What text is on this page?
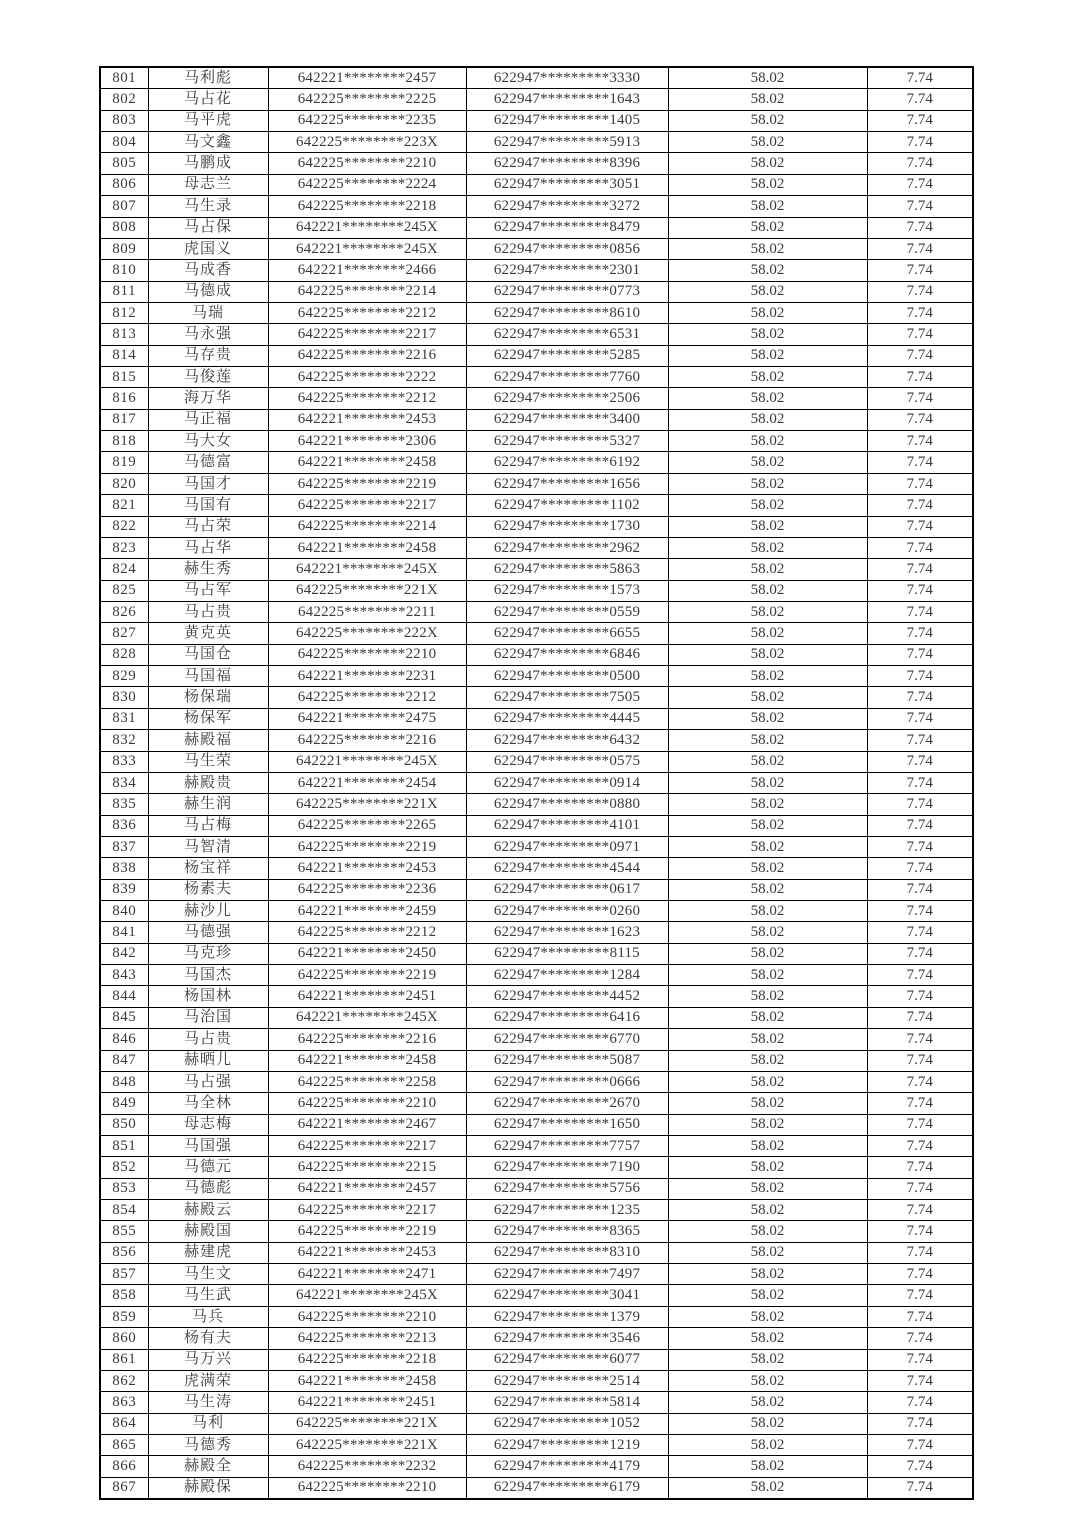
801	马利彪	642221********2457	622947*********3330	58.02	7.74
802	马占花	642225********2225	622947*********1643	58.02	7.74
803	马平虎	642225********2235	622947*********1405	58.02	7.74
804	马文鑫	642225********223X	622947*********5913	58.02	7.74
805	马鹏成	642225********2210	622947*********8396	58.02	7.74
806	母志兰	642225********2224	622947*********3051	58.02	7.74
807	马生录	642225********2218	622947*********3272	58.02	7.74
808	马占保	642221********245X	622947*********8479	58.02	7.74
809	虎国义	642221********245X	622947*********0856	58.02	7.74
810	马成香	642221********2466	622947*********2301	58.02	7.74
811	马德成	642225********2214	622947*********0773	58.02	7.74
812	马瑞	642225********2212	622947*********8610	58.02	7.74
813	马永强	642225********2217	622947*********6531	58.02	7.74
814	马存贵	642225********2216	622947*********5285	58.02	7.74
815	马俊莲	642225********2222	622947*********7760	58.02	7.74
816	海万华	642225********2212	622947*********2506	58.02	7.74
817	马正福	642221********2453	622947*********3400	58.02	7.74
818	马大女	642221********2306	622947*********5327	58.02	7.74
819	马德富	642221********2458	622947*********6192	58.02	7.74
820	马国才	642225********2219	622947*********1656	58.02	7.74
821	马国有	642225********2217	622947*********1102	58.02	7.74
822	马占荣	642225********2214	622947*********1730	58.02	7.74
823	马占华	642221********2458	622947*********2962	58.02	7.74
824	赫生秀	642221********245X	622947*********5863	58.02	7.74
825	马占军	642225********221X	622947*********1573	58.02	7.74
826	马占贵	642225********2211	622947*********0559	58.02	7.74
827	黄克英	642225********222X	622947*********6655	58.02	7.74
828	马国仓	642225********2210	622947*********6846	58.02	7.74
829	马国福	642221********2231	622947*********0500	58.02	7.74
830	杨保瑞	642225********2212	622947*********7505	58.02	7.74
831	杨保军	642221********2475	622947*********4445	58.02	7.74
832	赫殿福	642225********2216	622947*********6432	58.02	7.74
833	马生荣	642221********245X	622947*********0575	58.02	7.74
834	赫殿贵	642221********2454	622947*********0914	58.02	7.74
835	赫生润	642225********221X	622947*********0880	58.02	7.74
836	马占梅	642225********2265	622947*********4101	58.02	7.74
837	马智清	642225********2219	622947*********0971	58.02	7.74
838	杨宝祥	642221********2453	622947*********4544	58.02	7.74
839	杨素夫	642225********2236	622947*********0617	58.02	7.74
840	赫沙儿	642221********2459	622947*********0260	58.02	7.74
841	马德强	642225********2212	622947*********1623	58.02	7.74
842	马克珍	642221********2450	622947*********8115	58.02	7.74
843	马国杰	642225********2219	622947*********1284	58.02	7.74
844	杨国林	642221********2451	622947*********4452	58.02	7.74
845	马治国	642221********245X	622947*********6416	58.02	7.74
846	马占贵	642225********2216	622947*********6770	58.02	7.74
847	赫晒儿	642221********2458	622947*********5087	58.02	7.74
848	马占强	642225********2258	622947*********0666	58.02	7.74
849	马全林	642225********2210	622947*********2670	58.02	7.74
850	母志梅	642221********2467	622947*********1650	58.02	7.74
851	马国强	642225********2217	622947*********7757	58.02	7.74
852	马德元	642225********2215	622947*********7190	58.02	7.74
853	马德彪	642221********2457	622947*********5756	58.02	7.74
854	赫殿云	642225********2217	622947*********1235	58.02	7.74
855	赫殿国	642225********2219	622947*********8365	58.02	7.74
856	赫建虎	642221********2453	622947*********8310	58.02	7.74
857	马生文	642221********2471	622947*********7497	58.02	7.74
858	马生武	642221********245X	622947*********3041	58.02	7.74
859	马兵	642225********2210	622947*********1379	58.02	7.74
860	杨有夫	642225********2213	622947*********3546	58.02	7.74
861	马万兴	642225********2218	622947*********6077	58.02	7.74
862	虎满荣	642221********2458	622947*********2514	58.02	7.74
863	马生涛	642221********2451	622947*********5814	58.02	7.74
864	马利	642225********221X	622947*********1052	58.02	7.74
865	马德秀	642225********221X	622947*********1219	58.02	7.74
866	赫殿全	642225********2232	622947*********4179	58.02	7.74
867	赫殿保	642225********2210	622947*********6179	58.02	7.74
